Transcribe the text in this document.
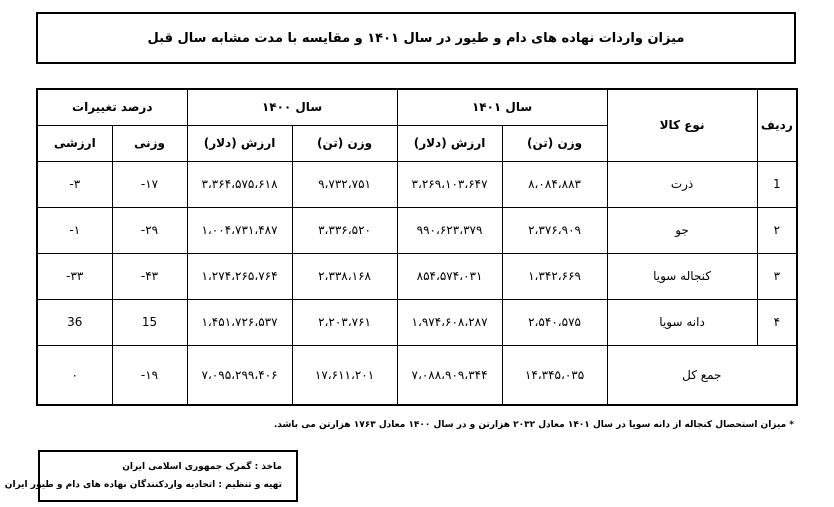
میزان واردات نهاده های دام و طیور در سال ۱۴۰۱ و مقایسه با مدت مشابه سال قبل
ردیف	نوع کالا	سال ۱۴۰۱		سال ۱۴۰۰		درصد تغییرات	
		وزن (تن)	ارزش (دلار)	وزن (تن)	ارزش (دلار)	وزنی	ارزشی
1	ذرت	۸،۰۸۴،۸۸۳	۳،۲۶۹،۱۰۳،۶۴۷	۹،۷۳۲،۷۵۱	۳،۳۶۴،۵۷۵،۶۱۸	-۱۷	-۳
۲	جو	۲،۳۷۶،۹۰۹	۹۹۰،۶۲۳،۳۷۹	۳،۳۳۶،۵۲۰	۱،۰۰۴،۷۳۱،۴۸۷	-۲۹	-۱
۳	کنجاله سویا	۱،۳۴۲،۶۶۹	۸۵۴،۵۷۴،۰۳۱	۲،۳۳۸،۱۶۸	۱،۲۷۴،۲۶۵،۷۶۴	-۴۳	-۳۳
۴	دانه سویا	۲،۵۴۰،۵۷۵	۱،۹۷۴،۶۰۸،۲۸۷	۲،۲۰۳،۷۶۱	۱،۴۵۱،۷۲۶،۵۳۷	15	36
جمع کل		۱۴،۳۴۵،۰۳۵	۷،۰۸۸،۹۰۹،۳۴۴	۱۷،۶۱۱،۲۰۱	۷،۰۹۵،۲۹۹،۴۰۶	-۱۹	۰
* میزان استحصال کنجاله از دانه سویا در سال ۱۴۰۱ معادل ۲۰۳۲ هزارتن و در سال ۱۴۰۰ معادل ۱۷۶۳ هزارتن می باشد.
ماخذ : گمرک جمهوری اسلامی ایران
تهیه و تنظیم : اتحادیه واردکنندگان نهاده های دام و طیور ایران
